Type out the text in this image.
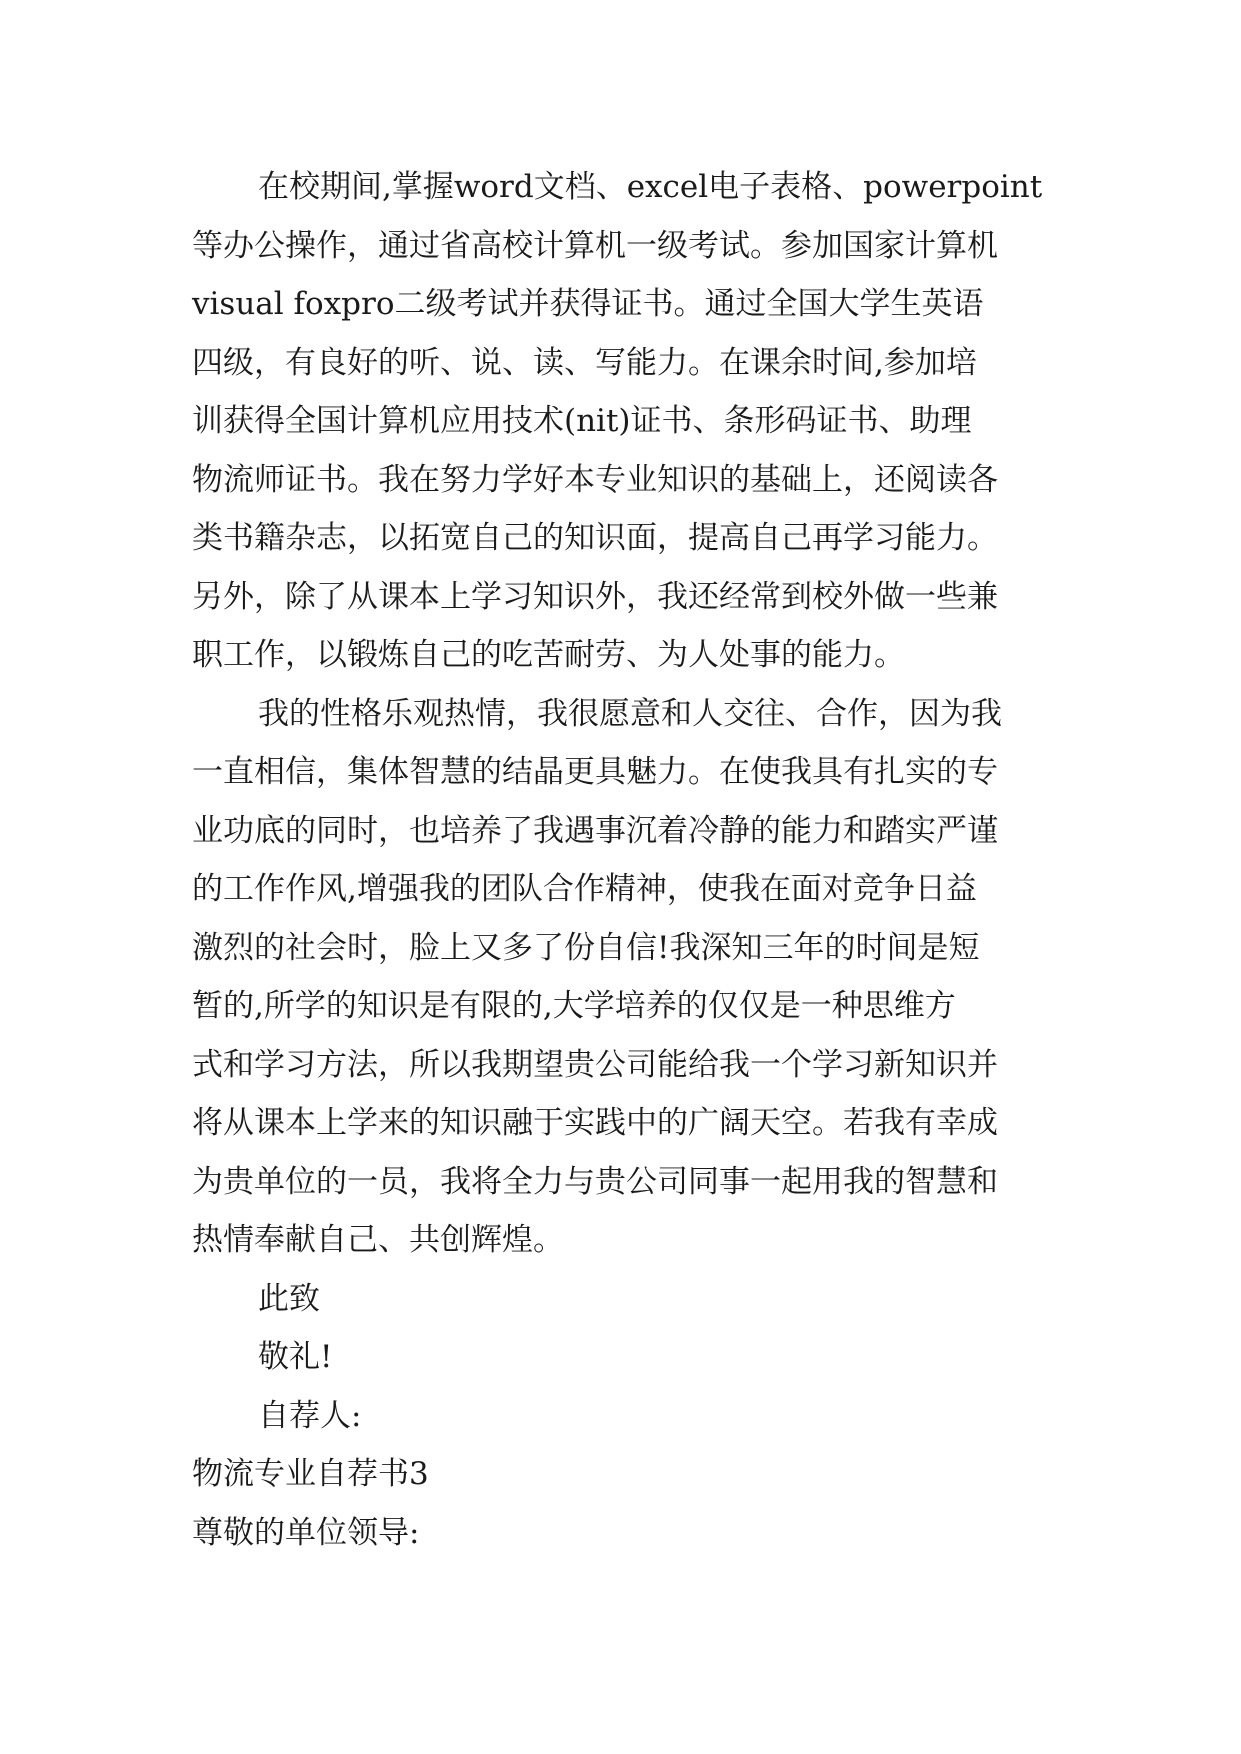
在校期间,掌握word文档、excel电子表格、powerpoint
等办公操作，通过省高校计算机一级考试。参加国家计算机
visual foxpro二级考试并获得证书。通过全国大学生英语
四级，有良好的听、说、读、写能力。在课余时间,参加培
训获得全国计算机应用技术(nit)证书、条形码证书、助理
物流师证书。我在努力学好本专业知识的基础上，还阅读各
类书籍杂志，以拓宽自己的知识面，提高自己再学习能力。
另外，除了从课本上学习知识外，我还经常到校外做一些兼
职工作，以锻炼自己的吃苦耐劳、为人处事的能力。
我的性格乐观热情，我很愿意和人交往、合作，因为我
一直相信，集体智慧的结晶更具魅力。在使我具有扎实的专
业功底的同时，也培养了我遇事沉着冷静的能力和踏实严谨
的工作作风,增强我的团队合作精神，使我在面对竞争日益
激烈的社会时，脸上又多了份自信!我深知三年的时间是短
暂的,所学的知识是有限的,大学培养的仅仅是一种思维方
式和学习方法，所以我期望贵公司能给我一个学习新知识并
将从课本上学来的知识融于实践中的广阔天空。若我有幸成
为贵单位的一员，我将全力与贵公司同事一起用我的智慧和
热情奉献自己、共创辉煌。
此致
敬礼!
自荐人:
物流专业自荐书3
尊敬的单位领导:
